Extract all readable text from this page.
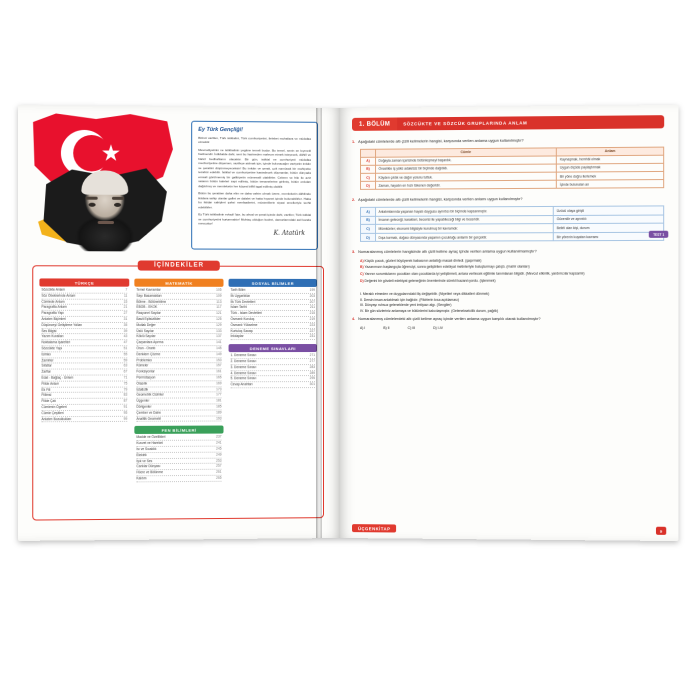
Ey Türk Gençliği!

Birinci vazifen, Türk istiklalini, Türk cumhuriyetini, ilelebet muhafaza ve müdafaa etmektir.

Mevcudiyetinin ve istikbalinin yegâne temeli budur. Bu temel, senin en kıymetli hazinendir. İstikbalde dahi, seni bu hazineden mahrum etmek isteyecek, dâhilî ve hâricî bedhahların olacaktır. Bir gün, istiklal ve cumhuriyeti müdafaa mecburiyetine düşersen, vazifeye atılmak için, içinde bulunacağın vaziyetin imkân ve şeraitini düşünmeyeceksin! Bu imkân ve şerait, çok namüsait bir mahiyette tezahür edebilir. İstiklal ve cumhuriyetine kastedecek düşmanlar, bütün dünyada emsali görülmemiş bir galibiyetin mümessili olabilirler. Cebren ve hile ile aziz vatanın bütün kaleleri zapt edilmiş, bütün tersanelerine girilmiş, bütün orduları dağıtılmış ve memleketin her köşesi bilfiil işgal edilmiş olabilir.

Bütün bu şeraitten daha elim ve daha vahim olmak üzere, memleketin dâhilinde iktidara sahip olanlar gaflet ve dalalet ve hatta hıyanet içinde bulunabilirler. Hatta bu iktidar sahipleri şahsi menfaatlerini, müstevlilerin siyasi emelleriyle tevhit edebilirler.

Ey Türk istikbalinin evladı! İşte, bu ahval ve şerait içinde dahi, vazifen; Türk istiklal ve cumhuriyetini kurtarmaktır! Muhtaç olduğun kudret, damarlarındaki asil kanda mevcuttur!

K. Atatürk
İÇİNDEKİLER
TÜRKÇE
Sözcükte Anlam	7
Söz Öbeklerinde Anlam	11
Cümlede Anlam	15
Paragrafta Anlam	21
Paragrafta Yapı	27
Anlatım Biçimleri	31
Düşünceyi Geliştirme Yolları	35
Ses Bilgisi	39
Yazım Kuralları	43
Noktalama İşaretleri	47
Sözcükte Yapı	51
İsimler	55
Zamirler	59
Sıfatlar	63
Zarflar	67
Edat - Bağlaç - Ünlem	71
Fiilde Anlam	75
Ek Fiil	79
Fiilimsi	83
Fiilde Çatı	87
Cümlenin Ögeleri	91
Cümle Çeşitleri	95
Anlatım Bozuklukları	99
MATEMATİK
Temel Kavramlar	105
Sayı Basamakları	109
Bölme - Bölünebilme	113
EBOB - EKOK	117
Rasyonel Sayılar	121
Basit Eşitsizlikler	125
Mutlak Değer	129
Üslü Sayılar	133
Köklü Sayılar	137
Çarpanlara Ayırma	141
Oran - Orantı	145
Denklem Çözme	149
Problemler	153
Kümeler	157
Fonksiyonlar	161
Permütasyon	165
Olasılık	169
İstatistik	173
Geometrik Cisimler	177
Üçgenler	181
Dörtgenler	185
Çember ve Daire	189
Analitik Geometri	193
FEN BİLİMLERİ
Madde ve Özellikleri	237
Kuvvet ve Hareket	241
Isı ve Sıcaklık	245
Elektrik	249
Işık ve Ses	253
Canlılar Dünyası	257
Hücre ve Bölünme	261
Kalıtım	265
SOSYAL BİLİMLER
Tarih Bilimi	199
İlk Uygarlıklar	203
İlk Türk Devletleri	207
İslam Tarihi	211
Türk - İslam Devletleri	215
Osmanlı Kuruluş	219
Osmanlı Yükselme	223
Kurtuluş Savaşı	227
İnkılaplar	231
DENEME SINAVLARI
1. Deneme Sınavı	271
2. Deneme Sınavı	277
3. Deneme Sınavı	283
4. Deneme Sınavı	289
5. Deneme Sınavı	295
Cevap Anahtarı	301
1. BÖLÜM	SÖZCÜKTE VE SÖZCÜK GRUPLARINDA ANLAM
1. Aşağıdaki cümlelerde altı çizili kelimelerin hangisi, karşısında verilen anlama uygun kullanılmıştır?
	Cümle	Anlam
A)	Doğayla zaman içerisinde bütünleşmeyi başardık.	Kaynaşmak, hemhâl olmak
B)	Öncelikle iş yükü adaletsiz bir biçimde dağıtıldı.	Uygun ölçüde paylaştırmak
C)	Köyden çıktık ve dağın yolunu tuttuk.	Bir yöne doğru ilerlemek
D)	Zaman, hayatın en hızlı tükenen değeridir.	İçinde bulunulan an
2. Aşağıdaki cümlelerde altı çizili kelimelerin hangisi, karşısında verilen anlamı uygun kullanılmıştır?
A)	Anlatımlarında yaşanan hayatı duygusu ayrıntısı bir biçimde kapsanmıştır.	Üzücü olaya girişti
B)	İnsanın geleceği; karakteri, becerisi ile yapabileceği bilgi ve beceridir.	Güvenilir ve ayrıntılı
C)	Mümkünler; ekonomi bilgisiyle kurulmuş bir kavramdır.	Belirli olan kişi, durum
D)	Dışa kurmak, doğası dünyasında yaşamın çocukluğu anlamlı bir gerçektir.	Bir yörenin kuşatan kavramı
3. Numaralanmış cümlelerin hangisinde altı çizili kelime ayraç içinde verilen anlama uygun kullanılmamıştır?
A) Küçük çocuk, gözleri büyüyerek babasının anlattığı masalı dinledi. (şaşırmak)
B) Yazarımızın başlangıçta öğrenciyi, sonra geliştirilen edebiyat metinleriyle buluşturmayı çalıştı. (mahir olanları)
C) Yarının sorumlularını çocukları olan çocuklarda iyi yetiştirmeli, anlara verilecek eğitimle tanımlanan bilgidir. (Mevcut etkinlik, yardımcılar kapsamlı)
D) Değerini bir gövdeli edebiyat geleneğinin önemlerinde sürekli kazanılıyordu. (işlenmek)
I. Meraklı etmeden ve duygularındaki iliş değişebilir. (Niyetleri veya dikkatleri dönmek)
II. Dersin insan anlatılmalı için bağlıdır. (Fikirlerin kısa açıklaması)
III. Dünyayı ruhsuz geleneklerde yeni imtiyazı algı. (Sevgiler)
IV. Bir gün sözleriniz anlamaya ve bütünlerini kalıcılaşmıştır. (Gelenekselcilik durum, pağıtlı)
4. Numaralanmış cümlelerdeki altı çizili kelime ayraç içinde verilen anlama uygun karşılık olarak kullanılmıştır?
A) I	B) II	C) III	D) I-IV
TEST 1
ÜÇGENKİTAP	9
